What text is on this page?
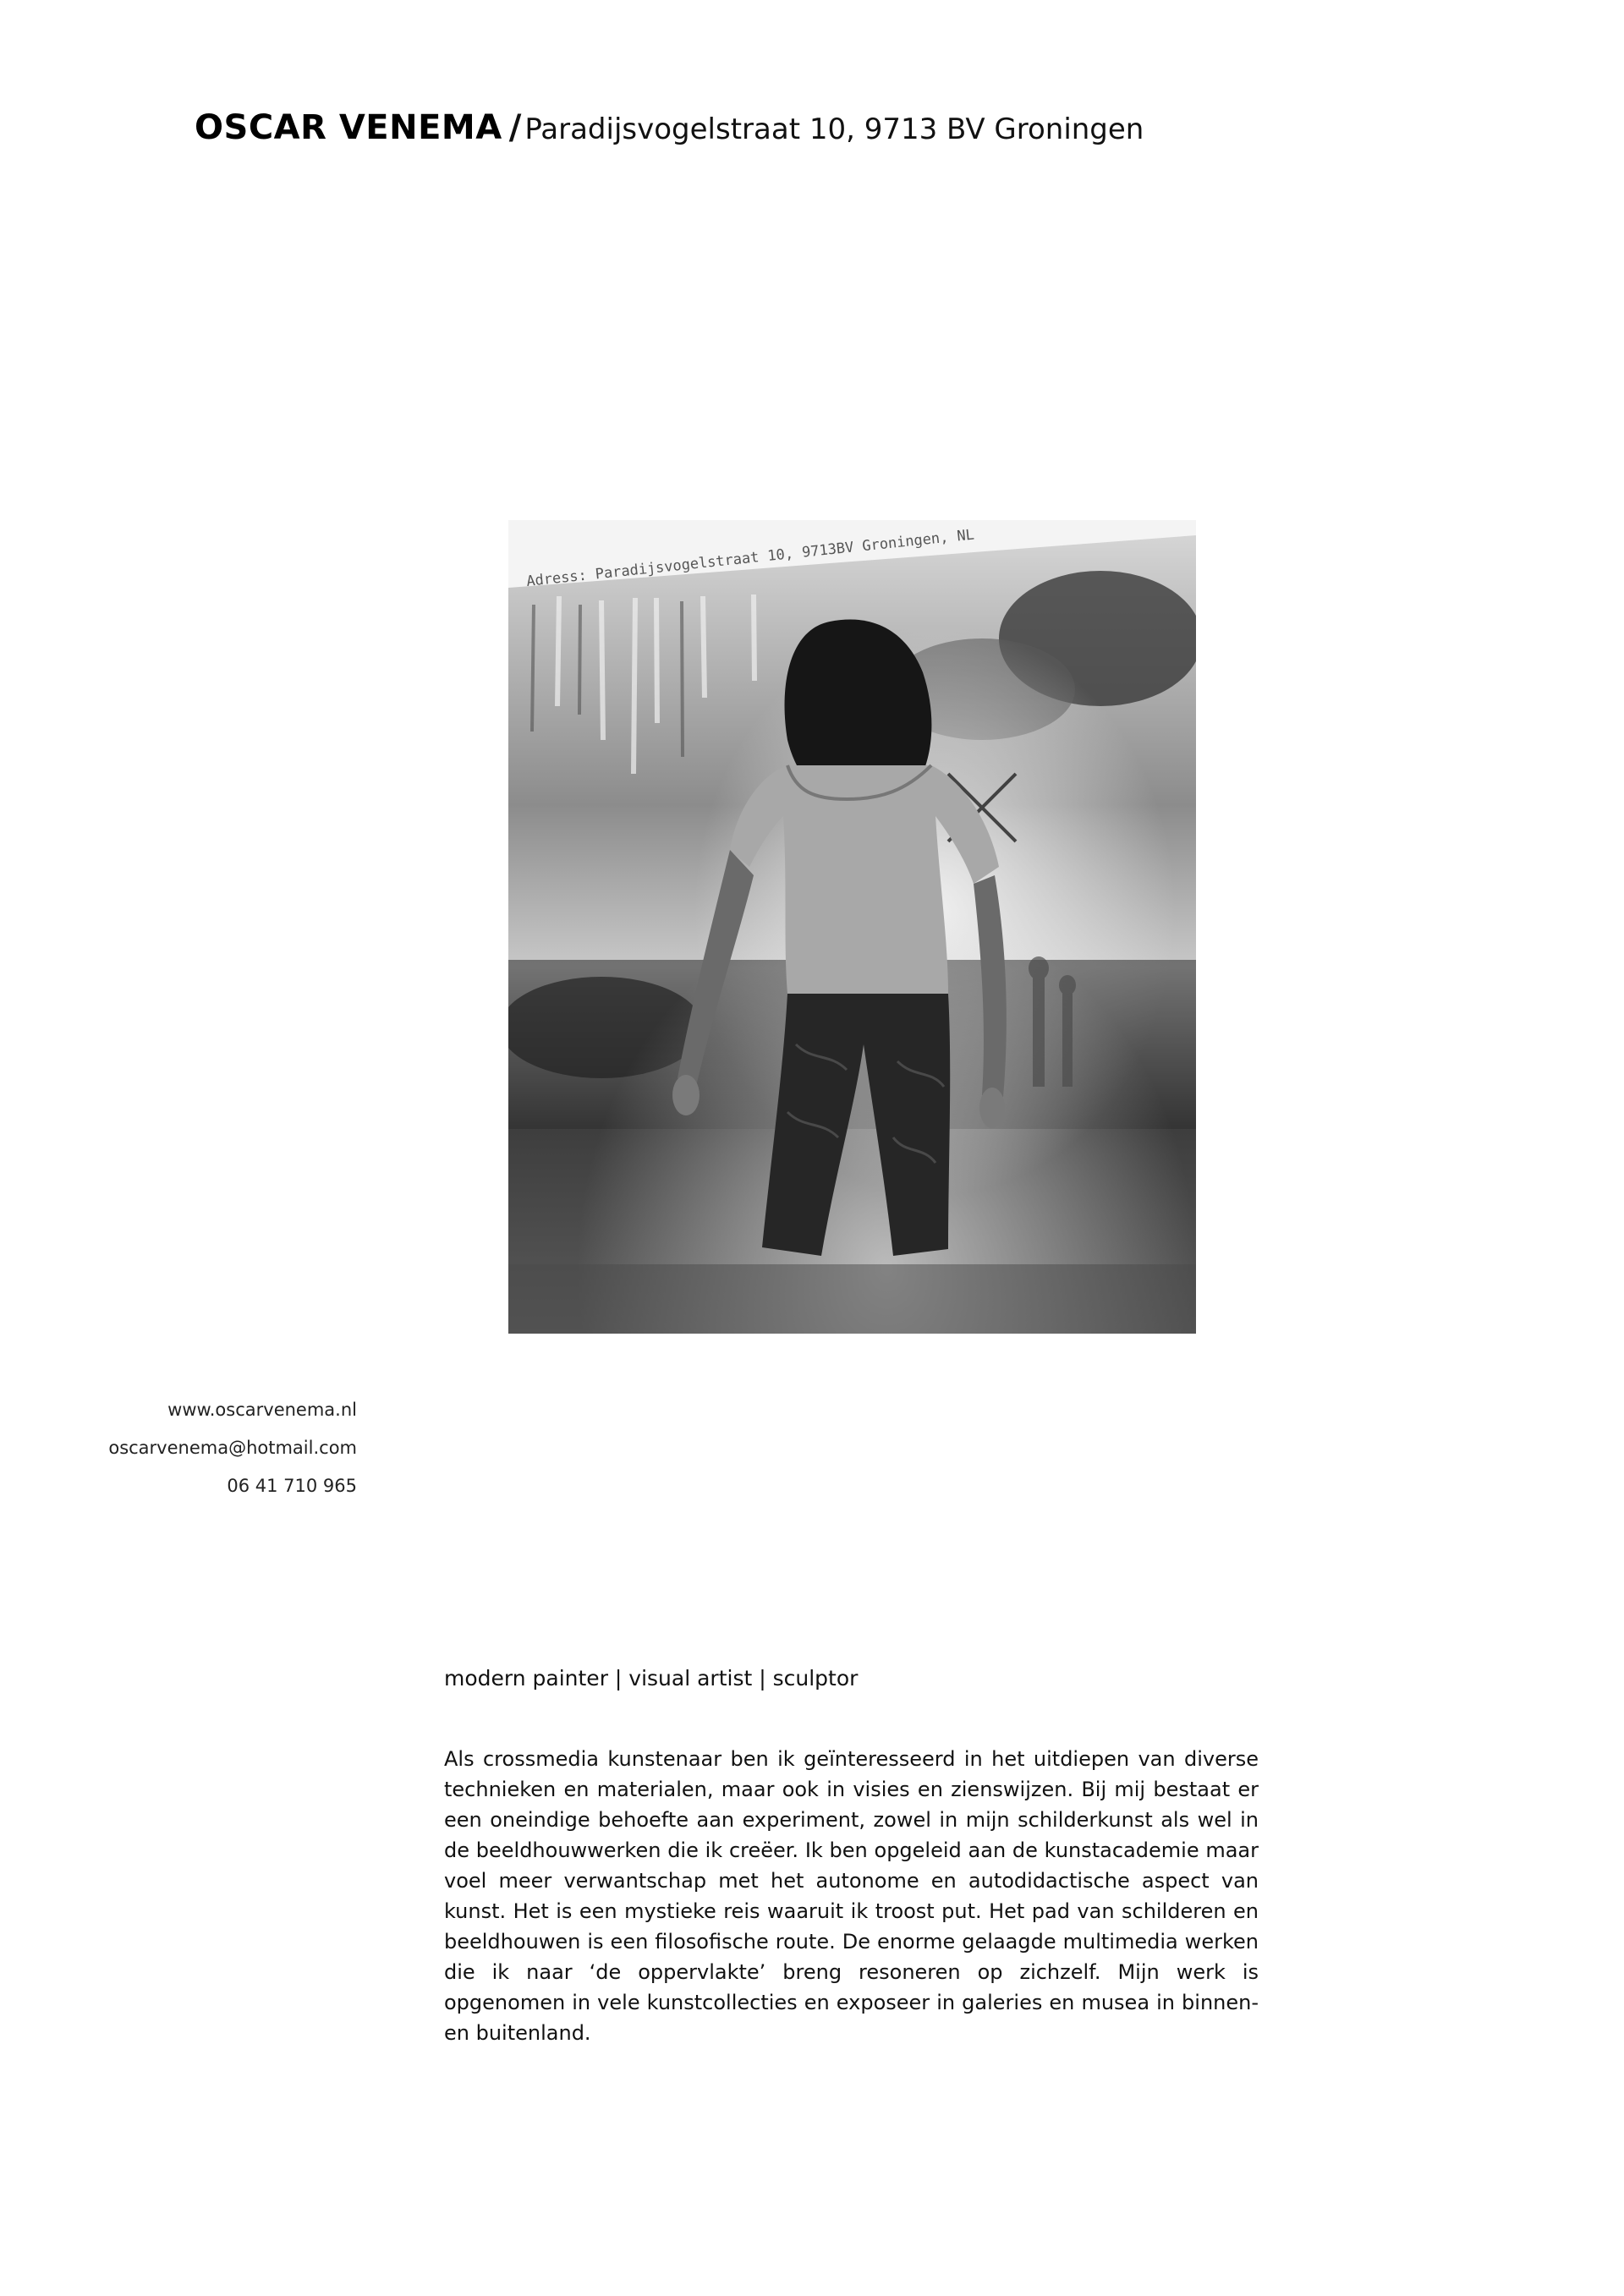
OSCAR VENEMA / Paradijsvogelstraat 10, 9713 BV Groningen
Adress: Paradijsvogelstraat 10, 9713BV Groningen, NL
www.oscarvenema.nl
oscarvenema@hotmail.com
06 41 710 965
modern painter | visual artist | sculptor

Als crossmedia kunstenaar ben ik geïnteresseerd in het uitdiepen van diverse technieken en materialen, maar ook in visies en zienswijzen. Bij mij bestaat er een oneindige behoefte aan experiment, zowel in mijn schilderkunst als wel in de beeldhouwwerken die ik creëer. Ik ben opgeleid aan de kunstacademie maar voel meer verwantschap met het autonome en autodidactische aspect van kunst. Het is een mystieke reis waaruit ik troost put. Het pad van schilderen en beeldhouwen is een filosofische route. De enorme gelaagde multimedia werken die ik naar ‘de oppervlakte’ breng resoneren op zichzelf. Mijn werk is opgenomen in vele kunstcollecties en exposeer in galeries en musea in binnen- en buitenland.
